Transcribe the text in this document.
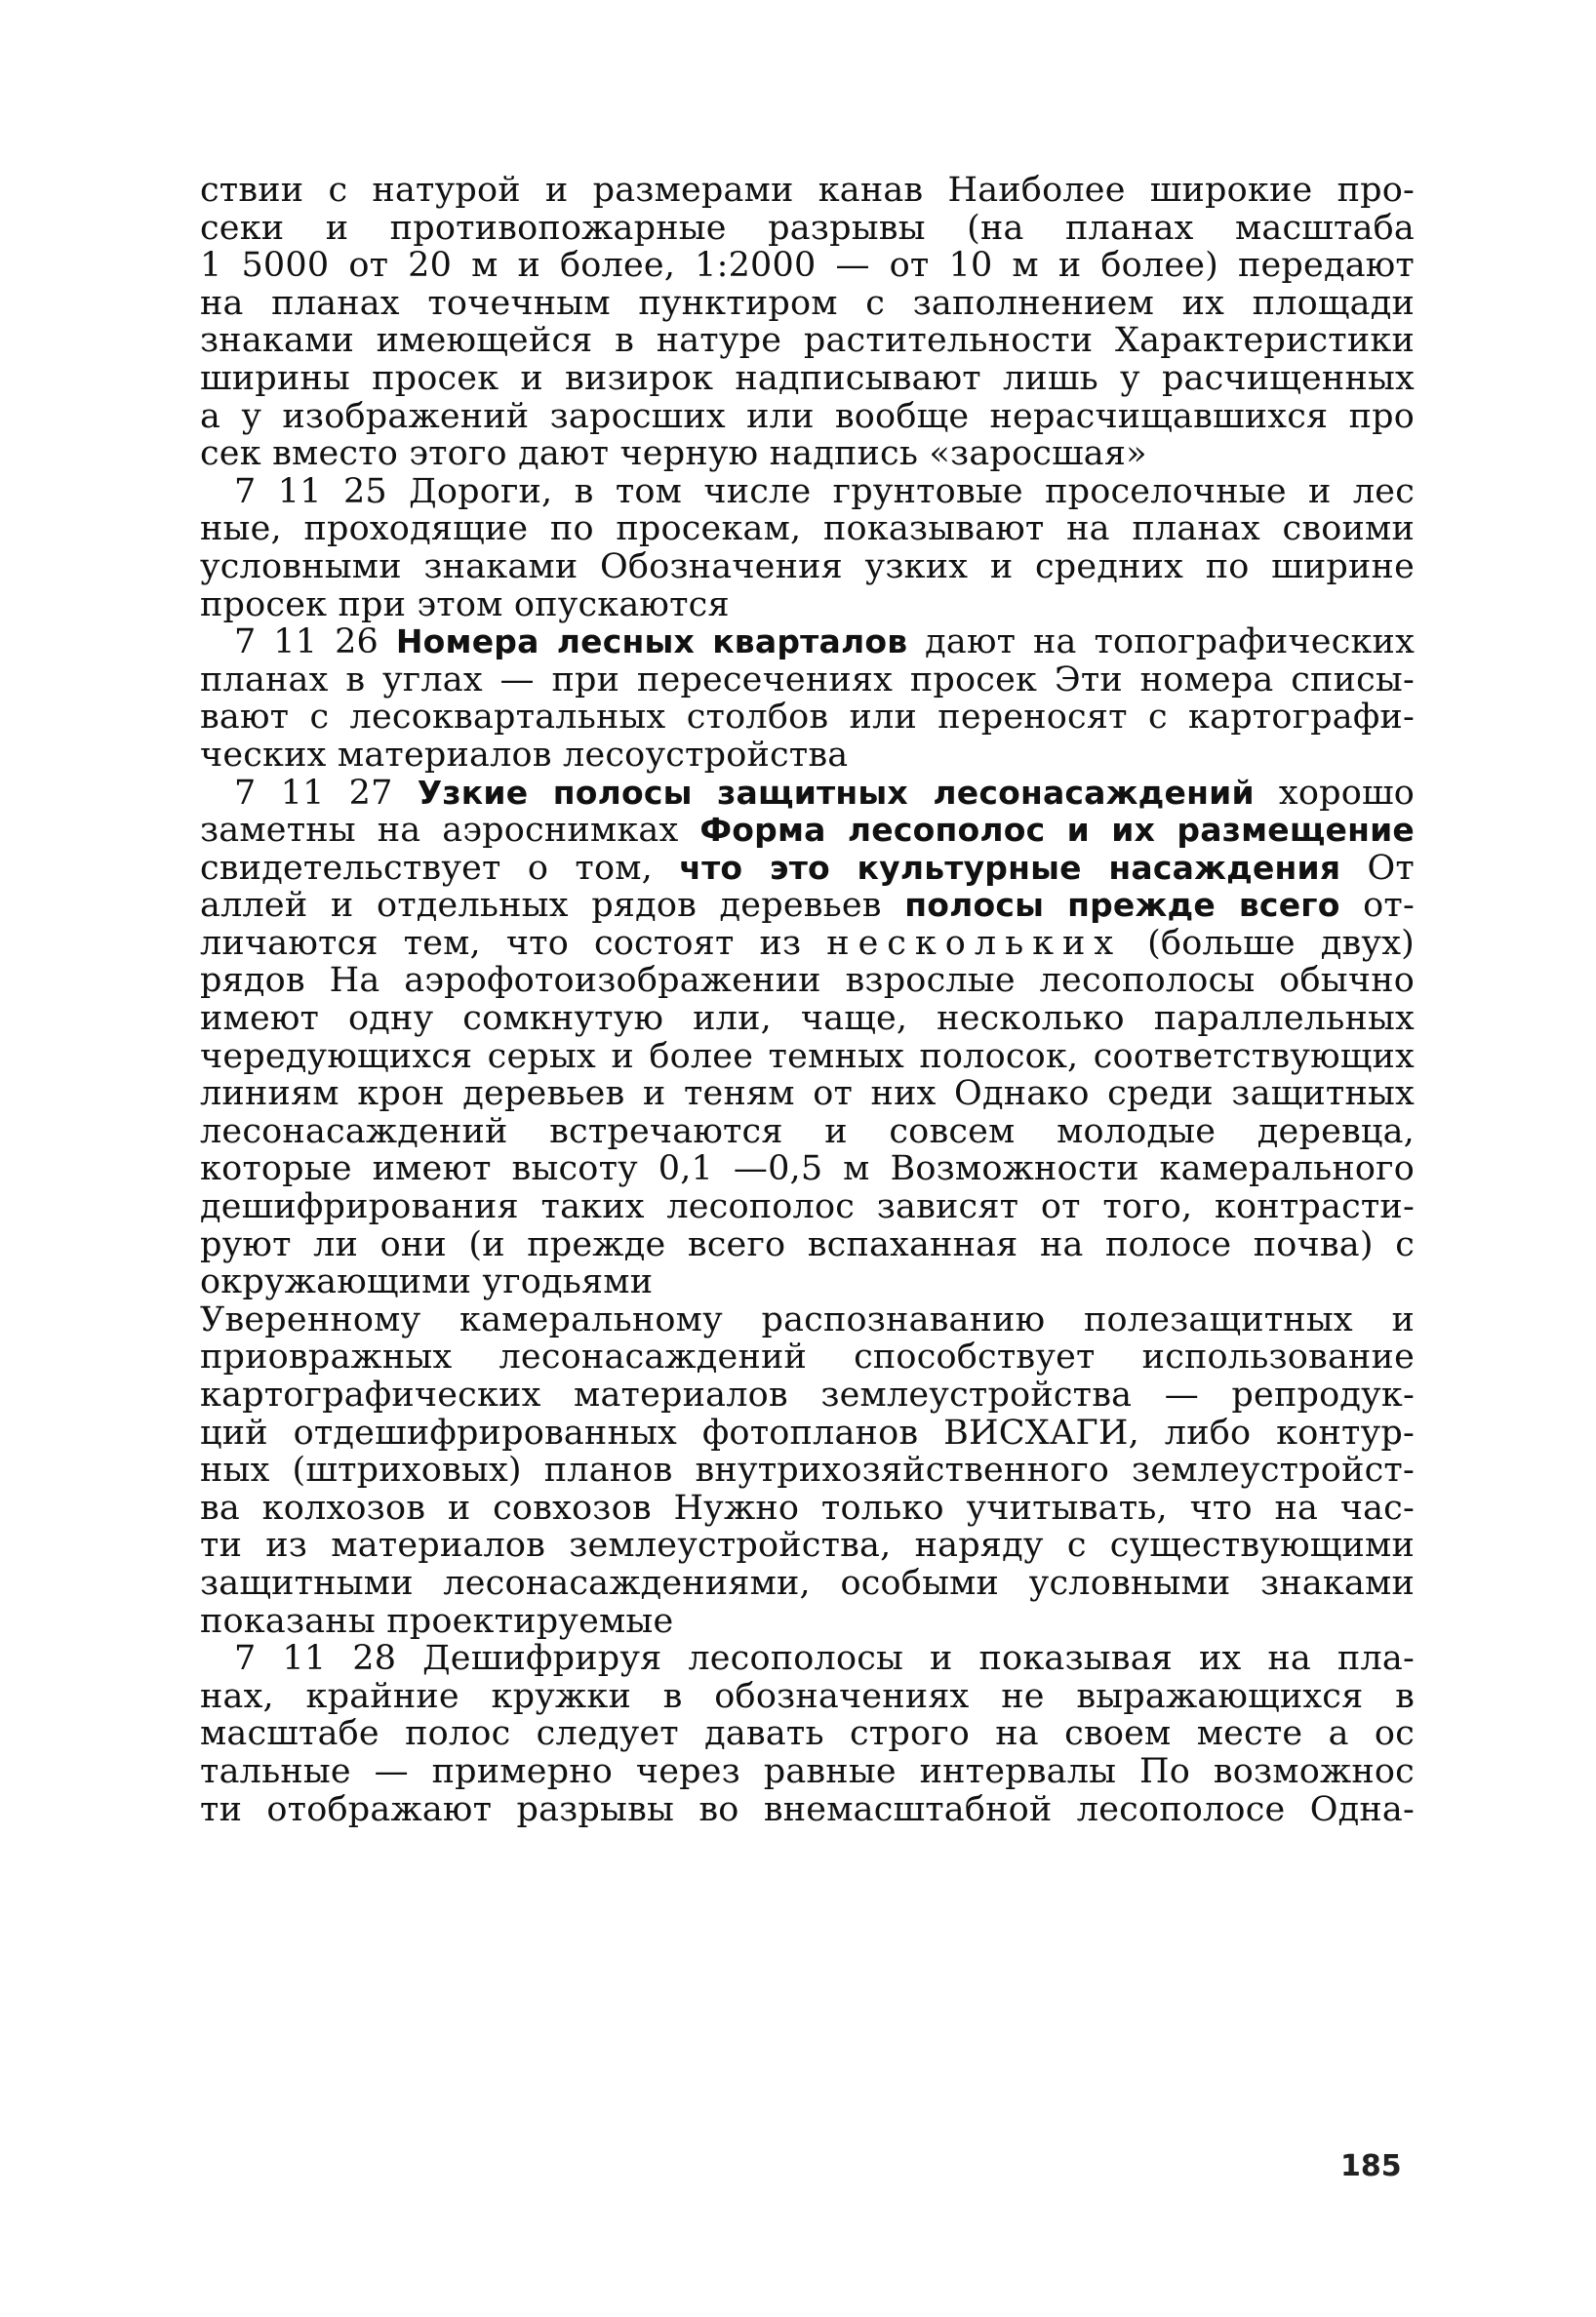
ствии с натурой и размерами канав Наиболее широкие про-
секи и противопожарные разрывы (на планах масштаба
1 5000 от 20 м и более, 1:2000 — от 10 м и более) передают
на планах точечным пунктиром с заполнением их площади
знаками имеющейся в натуре растительности Характеристики
ширины просек и визирок надписывают лишь у расчищенных
а у изображений заросших или вообще нерасчищавшихся про
сек вместо этого дают черную надпись «заросшая»
7 11 25 Дороги, в том числе грунтовые проселочные и лес
ные, проходящие по просекам, показывают на планах своими
условными знаками Обозначения узких и средних по ширине
просек при этом опускаются
7 11 26 Номера лесных кварталов дают на топографических
планах в углах — при пересечениях просек Эти номера списы-
вают с лесоквартальных столбов или переносят с картографи-
ческих материалов лесоустройства
7 11 27 Узкие полосы защитных лесонасаждений хорошо
заметны на аэроснимках Форма лесополос и их размещение
свидетельствует о том, что это культурные насаждения От
аллей и отдельных рядов деревьев полосы прежде всего от-
личаются тем, что состоят из нескольких (больше двух)
рядов На аэрофотоизображении взрослые лесополосы обычно
имеют одну сомкнутую или, чаще, несколько параллельных
чередующихся серых и более темных полосок, соответствующих
линиям крон деревьев и теням от них Однако среди защитных
лесонасаждений встречаются и совсем молодые деревца,
которые имеют высоту 0,1 —0,5 м Возможности камерального
дешифрирования таких лесополос зависят от того, контрасти-
руют ли они (и прежде всего вспаханная на полосе почва) с
окружающими угодьями
Уверенному камеральному распознаванию полезащитных и
приовражных лесонасаждений способствует использование
картографических материалов землеустройства — репродук-
ций отдешифрированных фотопланов ВИСХАГИ, либо контур-
ных (штриховых) планов внутрихозяйственного землеустройст-
ва колхозов и совхозов Нужно только учитывать, что на час-
ти из материалов землеустройства, наряду с существующими
защитными лесонасаждениями, особыми условными знаками
показаны проектируемые
7 11 28 Дешифрируя лесополосы и показывая их на пла-
нах, крайние кружки в обозначениях не выражающихся в
масштабе полос следует давать строго на своем месте а ос
тальные — примерно через равные интервалы По возможнос
ти отображают разрывы во внемасштабной лесополосе Одна-
185
